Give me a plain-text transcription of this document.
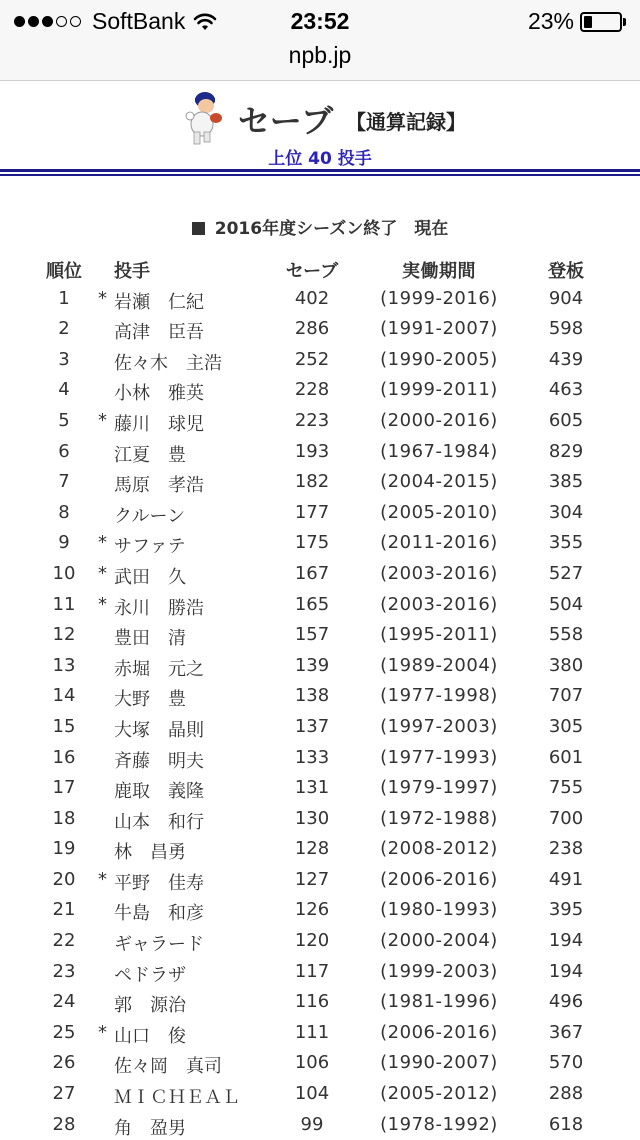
SoftBank	23:52	23%
npb.jp
セーブ 【通算記録】
上位 40 投手
2016年度シーズン終了　現在
順位	投手	セーブ	実働期間	登板
1	* 岩瀬　仁紀	402	(1999-2016)	904
2	高津　臣吾	286	(1991-2007)	598
3	佐々木　主浩	252	(1990-2005)	439
4	小林　雅英	228	(1999-2011)	463
5	* 藤川　球児	223	(2000-2016)	605
6	江夏　豊	193	(1967-1984)	829
7	馬原　孝浩	182	(2004-2015)	385
8	クルーン	177	(2005-2010)	304
9	* サファテ	175	(2011-2016)	355
10	* 武田　久	167	(2003-2016)	527
11	* 永川　勝浩	165	(2003-2016)	504
12	豊田　清	157	(1995-2011)	558
13	赤堀　元之	139	(1989-2004)	380
14	大野　豊	138	(1977-1998)	707
15	大塚　晶則	137	(1997-2003)	305
16	斉藤　明夫	133	(1977-1993)	601
17	鹿取　義隆	131	(1979-1997)	755
18	山本　和行	130	(1972-1988)	700
19	林　昌勇	128	(2008-2012)	238
20	* 平野　佳寿	127	(2006-2016)	491
21	牛島　和彦	126	(1980-1993)	395
22	ギャラード	120	(2000-2004)	194
23	ペドラザ	117	(1999-2003)	194
24	郭　源治	116	(1981-1996)	496
25	* 山口　俊	111	(2006-2016)	367
26	佐々岡　真司	106	(1990-2007)	570
27	ＭＩＣＨＥＡＬ	104	(2005-2012)	288
28	角　盈男	99	(1978-1992)	618
